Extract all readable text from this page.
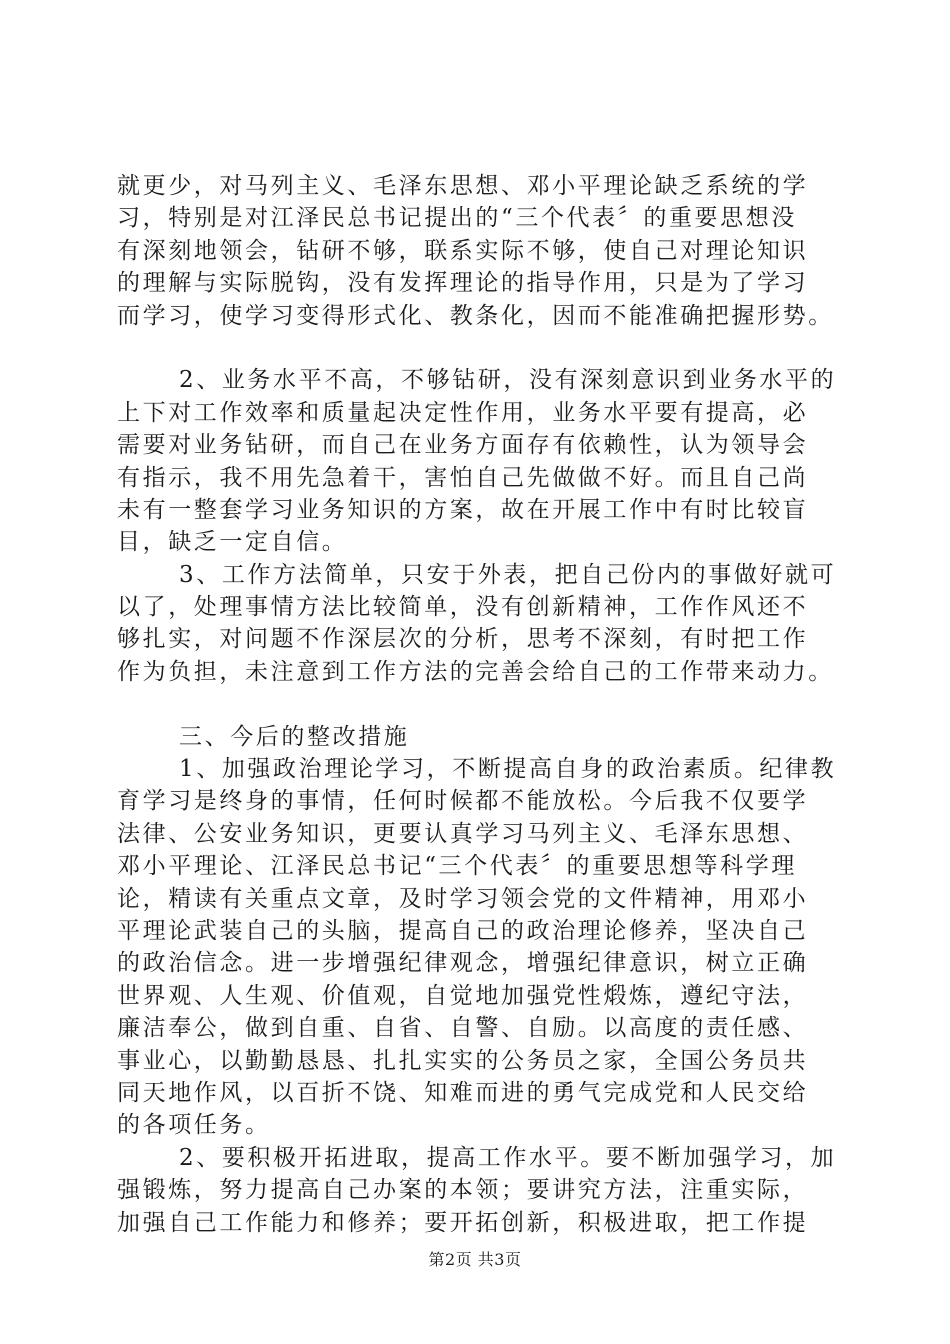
就更少，对马列主义、毛泽东思想、邓小平理论缺乏系统的学
习，特别是对江泽民总书记提出的“三个代表〞的重要思想没
有深刻地领会，钻研不够，联系实际不够，使自己对理论知识
的理解与实际脱钩，没有发挥理论的指导作用，只是为了学习
而学习，使学习变得形式化、教条化，因而不能准确把握形势。
2、业务水平不高，不够钻研，没有深刻意识到业务水平的
上下对工作效率和质量起决定性作用，业务水平要有提高，必
需要对业务钻研，而自己在业务方面存有依赖性，认为领导会
有指示，我不用先急着干，害怕自己先做做不好。而且自己尚
未有一整套学习业务知识的方案，故在开展工作中有时比较盲
目，缺乏一定自信。
3、工作方法简单，只安于外表，把自己份内的事做好就可
以了，处理事情方法比较简单，没有创新精神，工作作风还不
够扎实，对问题不作深层次的分析，思考不深刻，有时把工作
作为负担，未注意到工作方法的完善会给自己的工作带来动力。
三、今后的整改措施
1、加强政治理论学习，不断提高自身的政治素质。纪律教
育学习是终身的事情，任何时候都不能放松。今后我不仅要学
法律、公安业务知识，更要认真学习马列主义、毛泽东思想、
邓小平理论、江泽民总书记“三个代表〞的重要思想等科学理
论，精读有关重点文章，及时学习领会党的文件精神，用邓小
平理论武装自己的头脑，提高自己的政治理论修养，坚决自己
的政治信念。进一步增强纪律观念，增强纪律意识，树立正确
世界观、人生观、价值观，自觉地加强党性煅炼，遵纪守法，
廉洁奉公，做到自重、自省、自警、自励。以高度的责任感、
事业心，以勤勤恳恳、扎扎实实的公务员之家，全国公务员共
同天地作风，以百折不饶、知难而进的勇气完成党和人民交给
的各项任务。
2、要积极开拓进取，提高工作水平。要不断加强学习，加
强锻炼，努力提高自己办案的本领；要讲究方法，注重实际，
加强自己工作能力和修养；要开拓创新，积极进取，把工作提
第2页 共3页
